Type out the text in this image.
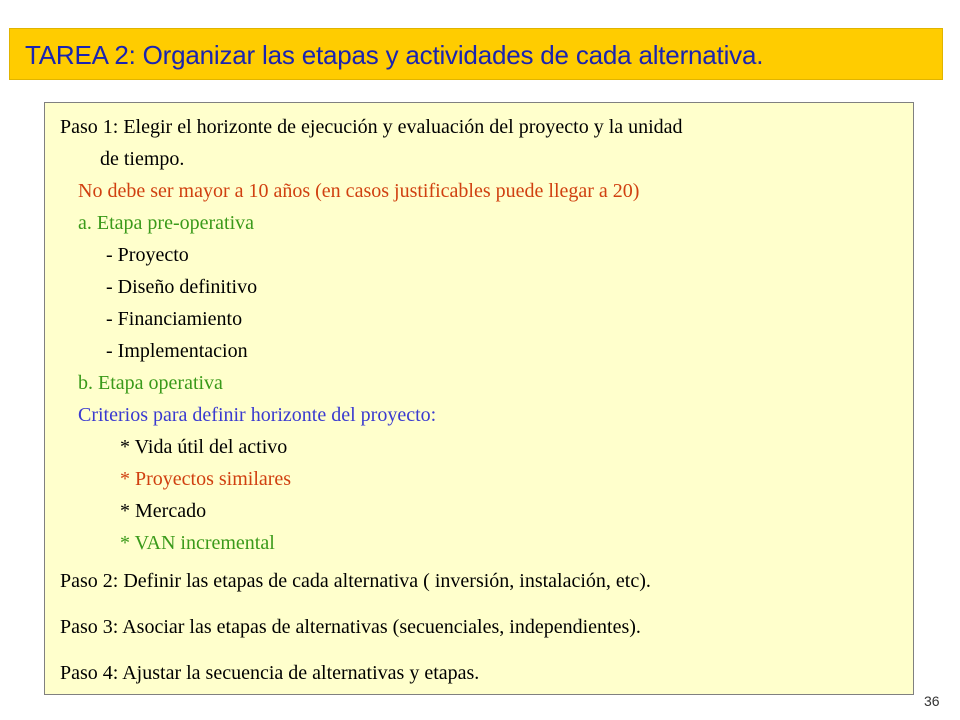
TAREA 2: Organizar las etapas y actividades de cada alternativa.
Paso 1: Elegir el horizonte de ejecución y evaluación del proyecto y la unidad
de tiempo.
No debe ser mayor a 10 años (en casos justificables puede llegar a 20)
a. Etapa pre-operativa
- Proyecto
- Diseño definitivo
- Financiamiento
- Implementacion
b. Etapa operativa
Criterios para definir horizonte del proyecto:
* Vida útil del activo
* Proyectos similares
* Mercado
* VAN incremental
Paso 2: Definir las etapas de cada alternativa ( inversión, instalación, etc).
Paso 3: Asociar las etapas de alternativas (secuenciales, independientes).
Paso 4: Ajustar la secuencia de alternativas y etapas.
36
